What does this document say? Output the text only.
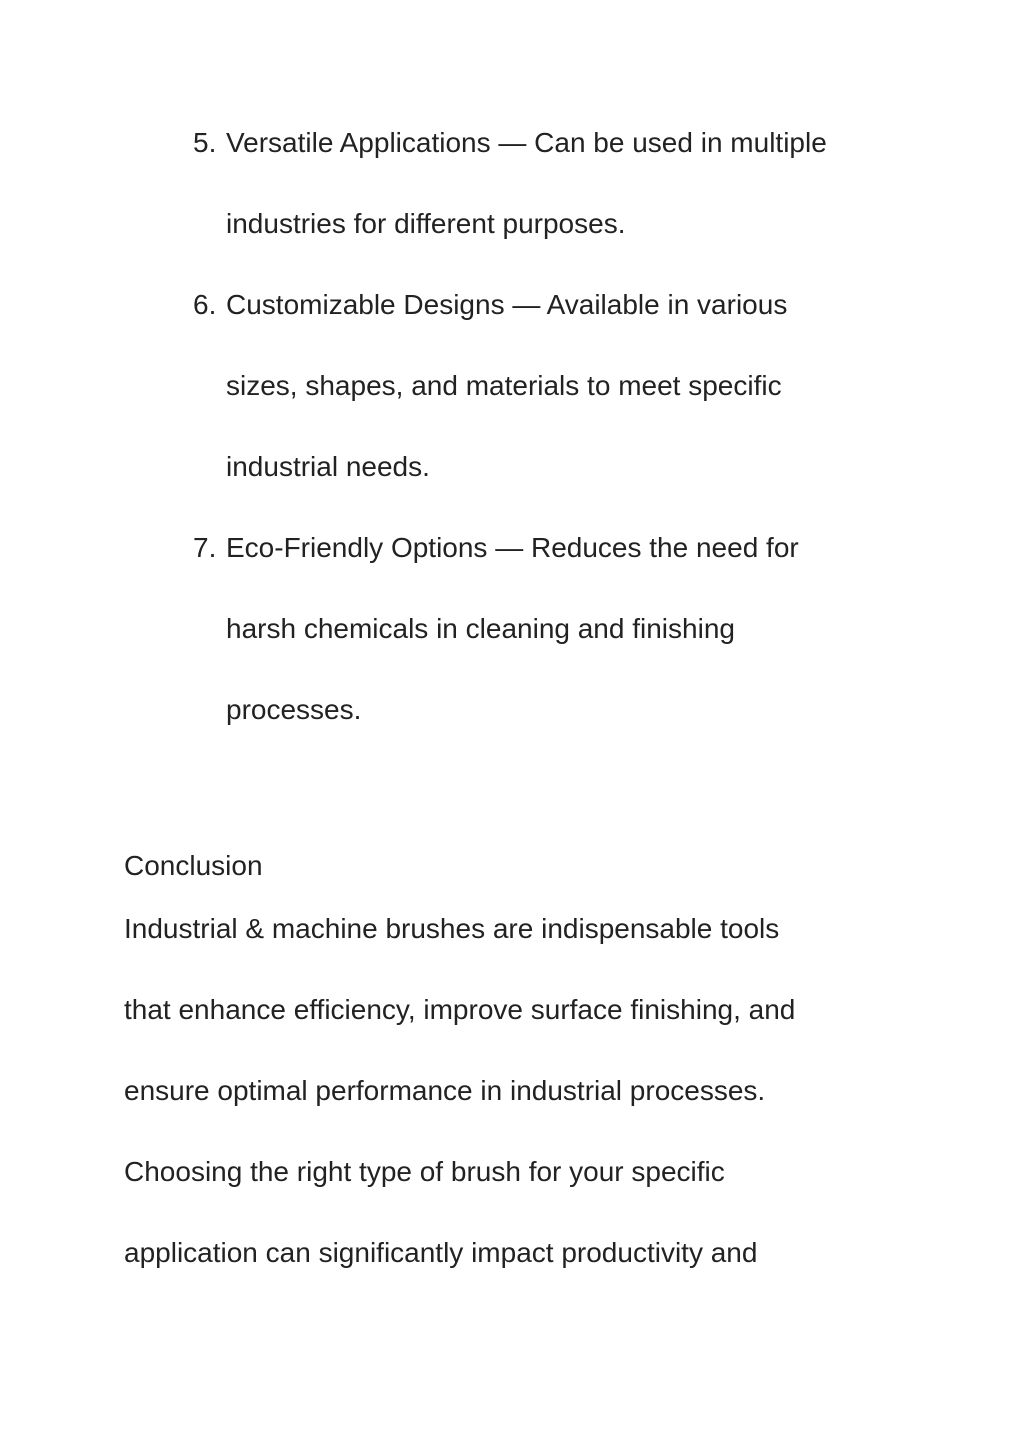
5. Versatile Applications — Can be used in multiple
industries for different purposes.
6. Customizable Designs — Available in various
sizes, shapes, and materials to meet specific
industrial needs.
7. Eco-Friendly Options — Reduces the need for
harsh chemicals in cleaning and finishing
processes.
Conclusion
Industrial & machine brushes are indispensable tools
that enhance efficiency, improve surface finishing, and
ensure optimal performance in industrial processes.
Choosing the right type of brush for your specific
application can significantly impact productivity and
